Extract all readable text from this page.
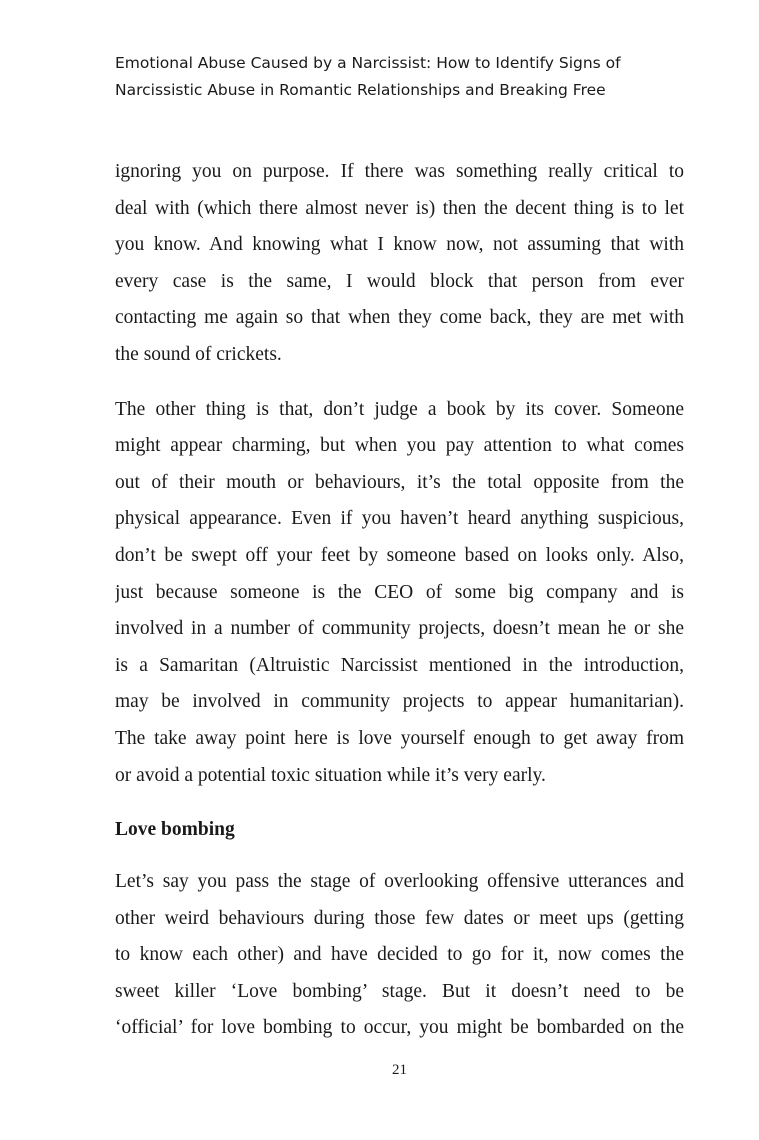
Emotional Abuse Caused by a Narcissist: How to Identify Signs of
Narcissistic Abuse in Romantic Relationships and Breaking Free

ignoring you on purpose. If there was something really critical to
deal with (which there almost never is) then the decent thing is to let
you know. And knowing what I know now, not assuming that with
every case is the same, I would block that person from ever
contacting me again so that when they come back, they are met with
the sound of crickets.

The other thing is that, don’t judge a book by its cover. Someone
might appear charming, but when you pay attention to what comes
out of their mouth or behaviours, it’s the total opposite from the
physical appearance. Even if you haven’t heard anything suspicious,
don’t be swept off your feet by someone based on looks only. Also,
just because someone is the CEO of some big company and is
involved in a number of community projects, doesn’t mean he or she
is a Samaritan (Altruistic Narcissist mentioned in the introduction,
may be involved in community projects to appear humanitarian).
The take away point here is love yourself enough to get away from
or avoid a potential toxic situation while it’s very early.

Love bombing

Let’s say you pass the stage of overlooking offensive utterances and
other weird behaviours during those few dates or meet ups (getting
to know each other) and have decided to go for it, now comes the
sweet killer ‘Love bombing’ stage. But it doesn’t need to be
‘official’ for love bombing to occur, you might be bombarded on the

21
